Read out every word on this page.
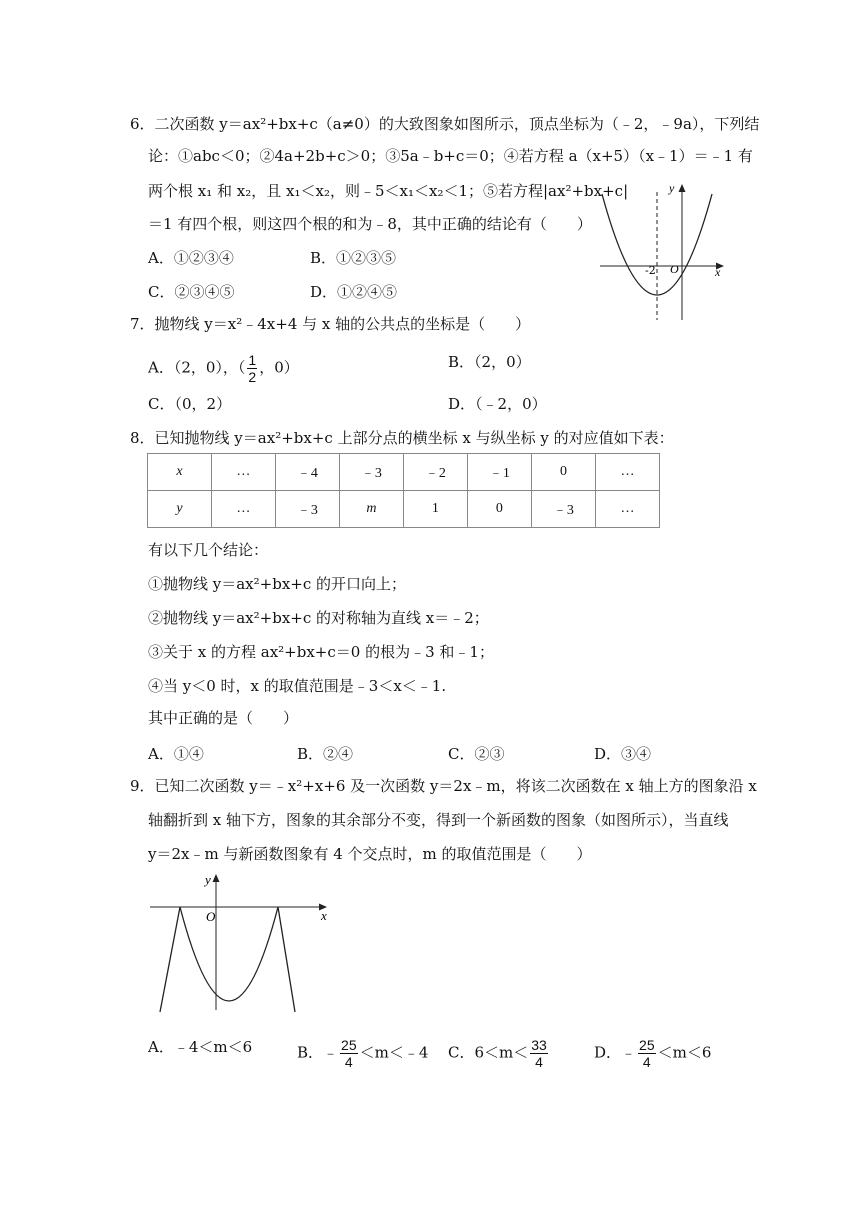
6．二次函数 y＝ax²+bx+c（a≠0）的大致图象如图所示，顶点坐标为（﹣2，﹣9a），下列结
论：①abc＜0；②4a+2b+c＞0；③5a﹣b+c＝0；④若方程 a（x+5）（x﹣1）＝﹣1 有
两个根 x₁ 和 x₂，且 x₁＜x₂，则﹣5＜x₁＜x₂＜1；⑤若方程|ax²+bx+c|
＝1 有四个根，则这四个根的和为﹣8，其中正确的结论有（　　）
A．①②③④	B．①②③⑤
C．②③④⑤	D．①②④⑤
-2 O	x
y
7．抛物线 y＝x²﹣4x+4 与 x 轴的公共点的坐标是（　　）
A．（2，0），（ $\frac{1}{2}$ ，0）	B．（2，0）
C．（0，2）	D．（﹣2，0）
8．已知抛物线 y＝ax²+bx+c 上部分点的横坐标 x 与纵坐标 y 的对应值如下表：
x	…	﹣4	﹣3	﹣2	﹣1	0	…
y	…	﹣3	m	1	0	﹣3	…
有以下几个结论：
①抛物线 y＝ax²+bx+c 的开口向上；
②抛物线 y＝ax²+bx+c 的对称轴为直线 x＝﹣2；
③关于 x 的方程 ax²+bx+c＝0 的根为﹣3 和﹣1；
④当 y＜0 时，x 的取值范围是﹣3＜x＜﹣1.
其中正确的是（　　）
A．①④	B．②④	C．②③	D．③④
9．已知二次函数 y＝﹣x²+x+6 及一次函数 y＝2x﹣m，将该二次函数在 x 轴上方的图象沿 x
轴翻折到 x 轴下方，图象的其余部分不变，得到一个新函数的图象（如图所示），当直线
y＝2x﹣m 与新函数图象有 4 个交点时，m 的取值范围是（　　）
O	x
y
A．﹣4＜m＜6	B．﹣ $\frac{25}{4}$ ＜m＜﹣4 C．$6<m< \frac{33}{4}$	D．﹣ $\frac{25}{4} <m<6$
